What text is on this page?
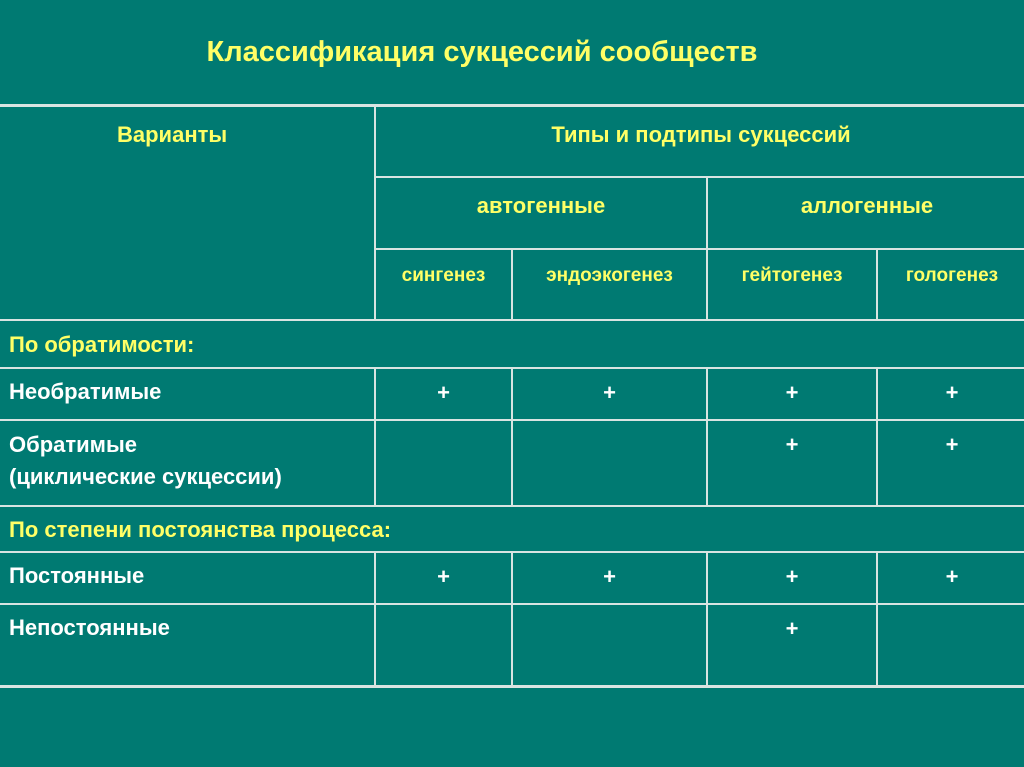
Классификация сукцессий сообществ
Варианты	Типы и подтипы сукцессий			

	автогенные		аллогенные	

	сингенез	эндоэкогенез	гейтогенез	гологенез

По обратимости:				

Необратимые	+	+	+	+

Обратимые
(циклические сукцессии)			+	+

По степени постоянства процесса:				

Постоянные	+	+	+	+

Непостоянные			+	
